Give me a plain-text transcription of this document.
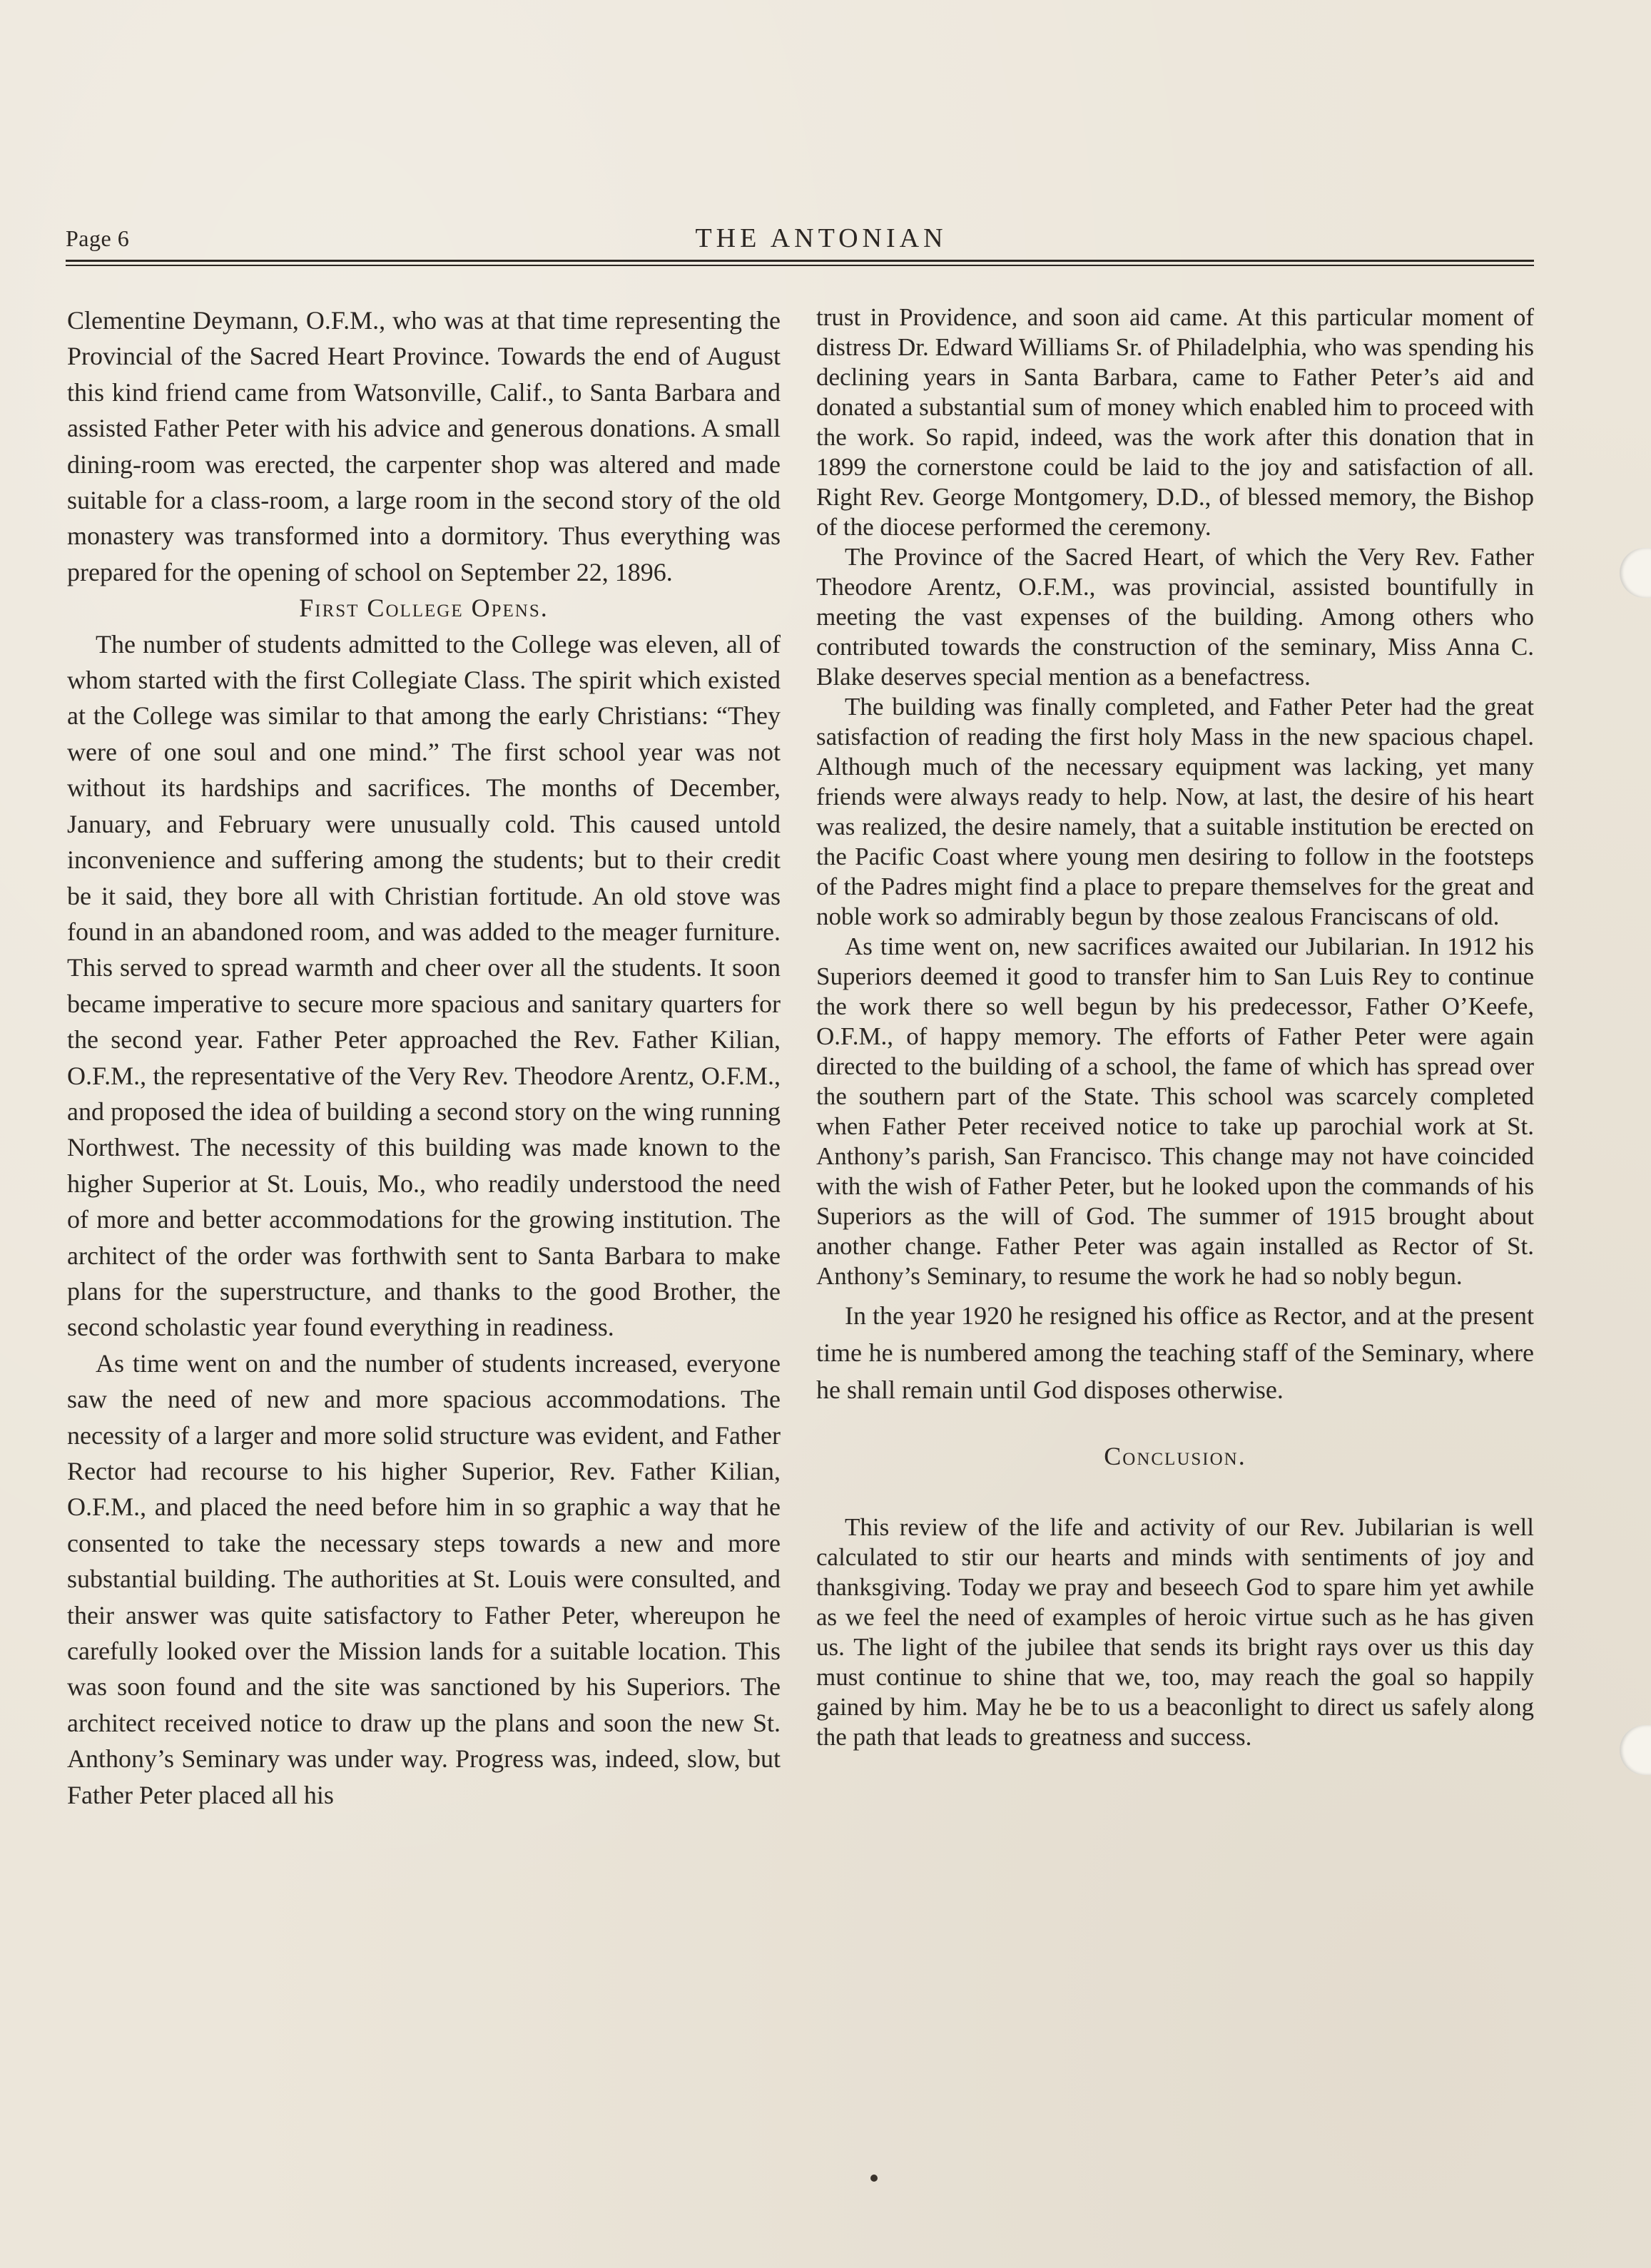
Page 6	THE ANTONIAN

Clementine Deymann, O.F.M., who was at that time representing the Provincial of the Sacred Heart Province. Towards the end of August this kind friend came from Watsonville, Calif., to Santa Barbara and assisted Father Peter with his advice and generous donations. A small dining-room was erected, the carpenter shop was altered and made suitable for a class-room, a large room in the second story of the old monastery was transformed into a dormitory. Thus everything was prepared for the opening of school on September 22, 1896.

First College Opens.

The number of students admitted to the College was eleven, all of whom started with the first Collegiate Class. The spirit which existed at the College was similar to that among the early Christians: “They were of one soul and one mind.” The first school year was not without its hardships and sacrifices. The months of December, January, and February were unusually cold. This caused untold inconvenience and suffering among the students; but to their credit be it said, they bore all with Christian fortitude. An old stove was found in an abandoned room, and was added to the meager furniture. This served to spread warmth and cheer over all the students. It soon became imperative to secure more spacious and sanitary quarters for the second year. Father Peter approached the Rev. Father Kilian, O.F.M., the representative of the Very Rev. Theodore Arentz, O.F.M., and proposed the idea of building a second story on the wing running Northwest. The necessity of this building was made known to the higher Superior at St. Louis, Mo., who readily understood the need of more and better accommodations for the growing institution. The architect of the order was forthwith sent to Santa Barbara to make plans for the superstructure, and thanks to the good Brother, the second scholastic year found everything in readiness.

As time went on and the number of students increased, everyone saw the need of new and more spacious accommodations. The necessity of a larger and more solid structure was evident, and Father Rector had recourse to his higher Superior, Rev. Father Kilian, O.F.M., and placed the need before him in so graphic a way that he consented to take the necessary steps towards a new and more substantial building. The authorities at St. Louis were consulted, and their answer was quite satisfactory to Father Peter, whereupon he carefully looked over the Mission lands for a suitable location. This was soon found and the site was sanctioned by his Superiors. The architect received notice to draw up the plans and soon the new St. Anthony’s Seminary was under way. Progress was, indeed, slow, but Father Peter placed all his

trust in Providence, and soon aid came. At this particular moment of distress Dr. Edward Williams Sr. of Philadelphia, who was spending his declining years in Santa Barbara, came to Father Peter’s aid and donated a substantial sum of money which enabled him to proceed with the work. So rapid, indeed, was the work after this donation that in 1899 the cornerstone could be laid to the joy and satisfaction of all. Right Rev. George Montgomery, D.D., of blessed memory, the Bishop of the diocese performed the ceremony.

The Province of the Sacred Heart, of which the Very Rev. Father Theodore Arentz, O.F.M., was provincial, assisted bountifully in meeting the vast expenses of the building. Among others who contributed towards the construction of the seminary, Miss Anna C. Blake deserves special mention as a benefactress.

The building was finally completed, and Father Peter had the great satisfaction of reading the first holy Mass in the new spacious chapel. Although much of the necessary equipment was lacking, yet many friends were always ready to help. Now, at last, the desire of his heart was realized, the desire namely, that a suitable institution be erected on the Pacific Coast where young men desiring to follow in the footsteps of the Padres might find a place to prepare themselves for the great and noble work so admirably begun by those zealous Franciscans of old.

As time went on, new sacrifices awaited our Jubilarian. In 1912 his Superiors deemed it good to transfer him to San Luis Rey to continue the work there so well begun by his predecessor, Father O’Keefe, O.F.M., of happy memory. The efforts of Father Peter were again directed to the building of a school, the fame of which has spread over the southern part of the State. This school was scarcely completed when Father Peter received notice to take up parochial work at St. Anthony’s parish, San Francisco. This change may not have coincided with the wish of Father Peter, but he looked upon the commands of his Superiors as the will of God. The summer of 1915 brought about another change. Father Peter was again installed as Rector of St. Anthony’s Seminary, to resume the work he had so nobly begun.

In the year 1920 he resigned his office as Rector, and at the present time he is numbered among the teaching staff of the Seminary, where he shall remain until God disposes otherwise.

Conclusion.

This review of the life and activity of our Rev. Jubilarian is well calculated to stir our hearts and minds with sentiments of joy and thanksgiving. Today we pray and beseech God to spare him yet awhile as we feel the need of examples of heroic virtue such as he has given us. The light of the jubilee that sends its bright rays over us this day must continue to shine that we, too, may reach the goal so happily gained by him. May he be to us a beaconlight to direct us safely along the path that leads to greatness and success.
